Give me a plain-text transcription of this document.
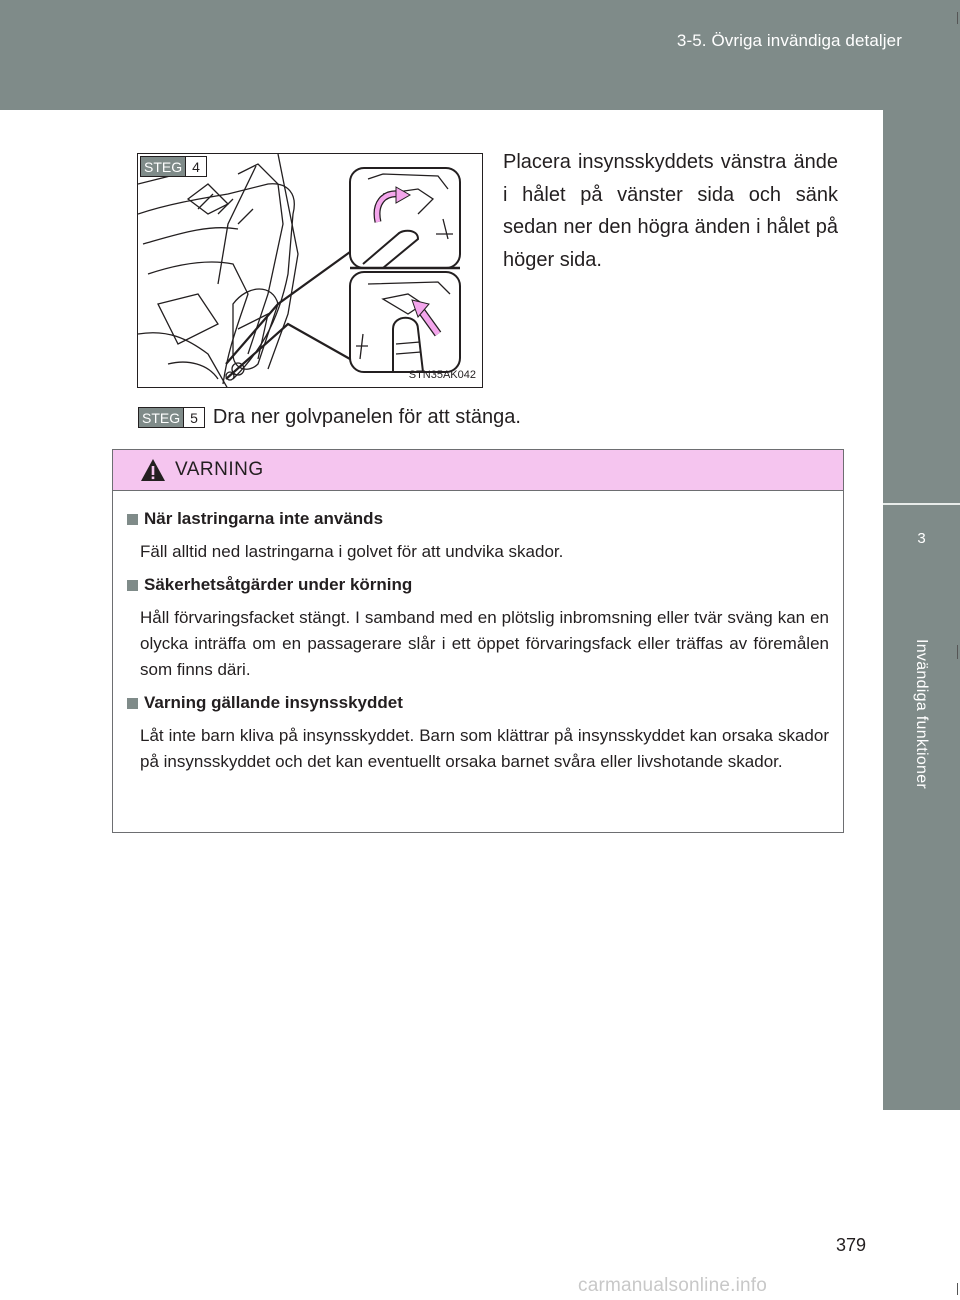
3-5. Övriga invändiga detaljer
3
Invändiga funktioner
STEG 4
STN35AK042
Placera insynsskyddets vänstra ände i hålet på vänster sida och sänk sedan ner den högra änden i hålet på höger sida.
STEG 5 Dra ner golvpanelen för att stänga.
VARNING
När lastringarna inte används
Fäll alltid ned lastringarna i golvet för att undvika skador.
Säkerhetsåtgärder under körning
Håll förvaringsfacket stängt. I samband med en plötslig inbromsning eller tvär sväng kan en olycka inträffa om en passagerare slår i ett öppet förvaringsfack eller träffas av föremålen som finns däri.
Varning gällande insynsskyddet
Låt inte barn kliva på insynsskyddet. Barn som klättrar på insynsskyddet kan orsaka skador på insynsskyddet och det kan eventuellt orsaka barnet svåra eller livshotande skador.
379
carmanualsonline.info
